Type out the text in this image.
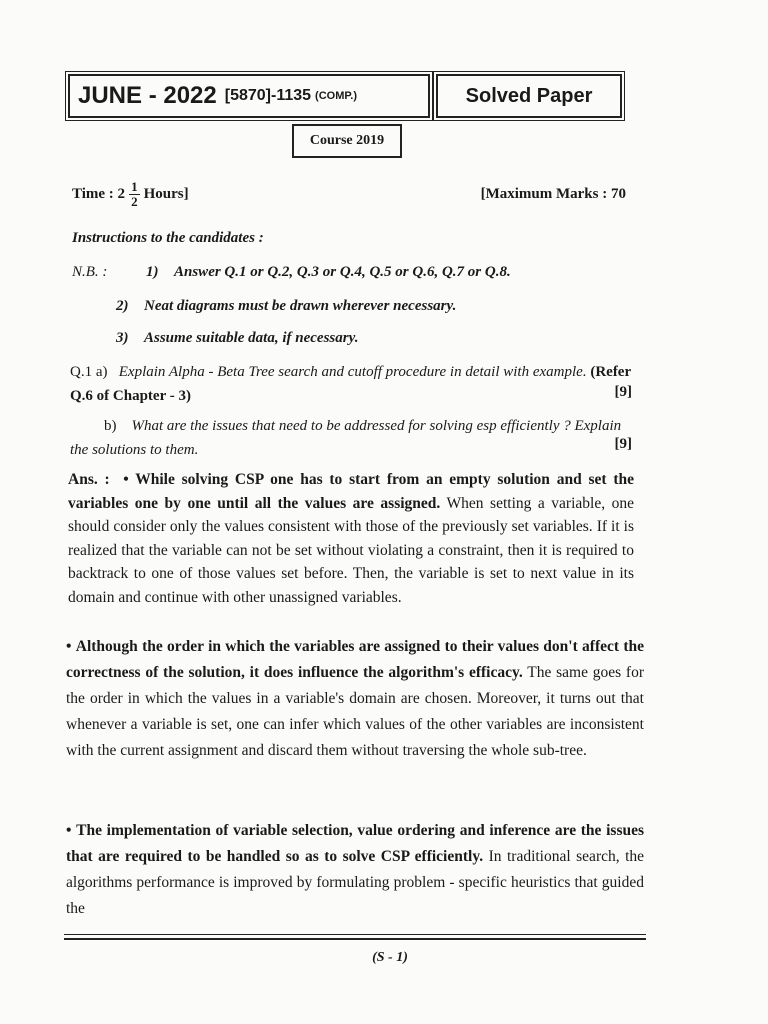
JUNE - 2022 [5870]-1135 (COMP.)	Solved Paper
Course 2019
Time : $2 \frac{1}{2}$ Hours]	[Maximum Marks : 70
Instructions to the candidates :
N.B. :	1) Answer Q.1 or Q.2, Q.3 or Q.4, Q.5 or Q.6, Q.7 or Q.8.
2) Neat diagrams must be drawn wherever necessary.
3) Assume suitable data, if necessary.
Q.1 a) Explain Alpha - Beta Tree search and cutoff procedure in detail with example. (Refer Q.6 of Chapter - 3)	[9]
b) What are the issues that need to be addressed for solving esp efficiently ? Explain the solutions to them.	[9]
Ans. : • While solving CSP one has to start from an empty solution and set the variables one by one until all the values are assigned. When setting a variable, one should consider only the values consistent with those of the previously set variables. If it is realized that the variable can not be set without violating a constraint, then it is required to backtrack to one of those values set before. Then, the variable is set to next value in its domain and continue with other unassigned variables.
• Although the order in which the variables are assigned to their values don't affect the correctness of the solution, it does influence the algorithm's efficacy. The same goes for the order in which the values in a variable's domain are chosen. Moreover, it turns out that whenever a variable is set, one can infer which values of the other variables are inconsistent with the current assignment and discard them without traversing the whole sub-tree.
• The implementation of variable selection, value ordering and inference are the issues that are required to be handled so as to solve CSP efficiently. In traditional search, the algorithms performance is improved by formulating problem - specific heuristics that guided the
(S - 1)
